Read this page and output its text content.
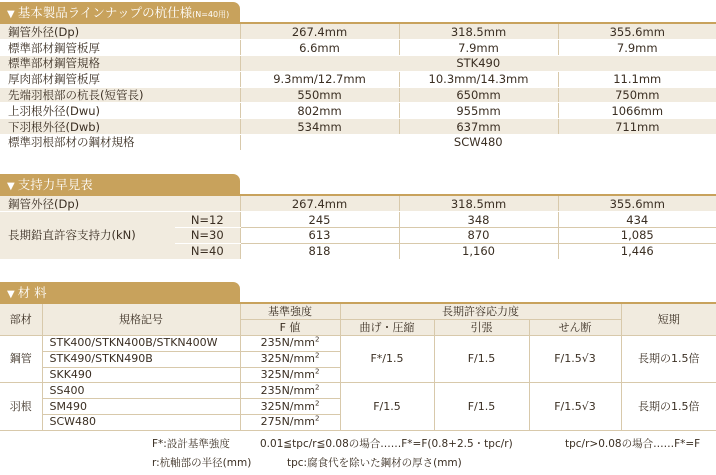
▼ 基本製品ラインナップの杭仕様(N=40用)
鋼管外径(Dp)	267.4mm	318.5mm	355.6mm
標準部材鋼管板厚	6.6mm	7.9mm	7.9mm
標準部材鋼管規格	STK490		
厚肉部材鋼管板厚	9.3mm/12.7mm	10.3mm/14.3mm	11.1mm
先端羽根部の杭長(短管長)	550mm	650mm	750mm
上羽根外径(Dwu)	802mm	955mm	1066mm
下羽根外径(Dwb)	534mm	637mm	711mm
標準羽根部材の鋼材規格	SCW480		
▼ 支持力早見表
鋼管外径(Dp)		267.4mm	318.5mm	355.6mm
長期鉛直許容支持力(kN)	N=12	245	348	434
	N=30	613	870	1,085
	N=40	818	1,160	1,446
▼ 材 料
部材	規格記号	基準強度	長期許容応力度			短期
		F 値	曲げ・圧縮	引張	せん断	
鋼管	STK400/STKN400B/STKN400W	$235N/mm^2$	F*/1.5	F/1.5	F/1.5√3	長期の1.5倍
	STK490/STKN490B	$325N/mm^2$
	SKK490	$325N/mm^2$
羽根	SS400	$235N/mm^2$	F/1.5	F/1.5	F/1.5√3	長期の1.5倍
	SM490	$325N/mm^2$
	SCW480	$275N/mm^2$
F*:設計基準強度	0.01≦tpc/r≦0.08の場合……F*=F(0.8+2.5・tpc/r)	tpc/r>0.08の場合……F*=F
r:杭軸部の半径(mm)	tpc:腐食代を除いた鋼材の厚さ(mm)
